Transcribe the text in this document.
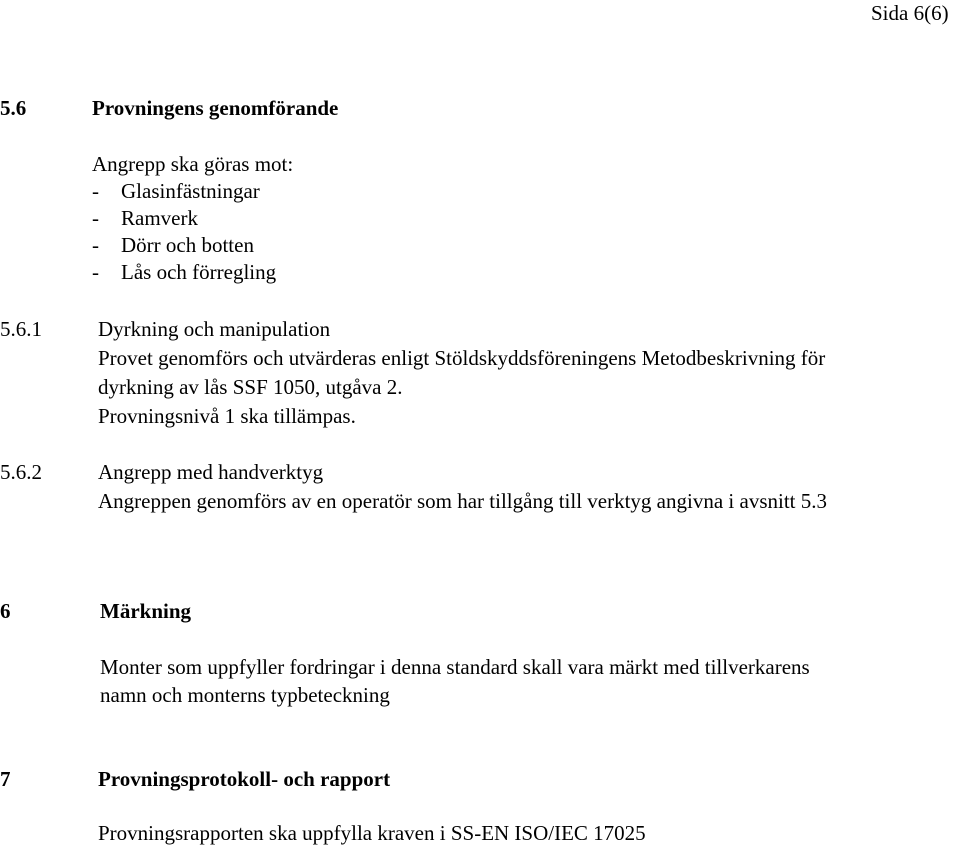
Sida 6(6)
5.6	Provningens genomförande
Angrepp ska göras mot:
- Glasinfästningar
- Ramverk
- Dörr och botten
- Lås och förregling
5.6.1	Dyrkning och manipulation
Provet genomförs och utvärderas enligt Stöldskyddsföreningens Metodbeskrivning för
dyrkning av lås SSF 1050, utgåva 2.
Provningsnivå 1 ska tillämpas.
5.6.2	Angrepp med handverktyg
Angreppen genomförs av en operatör som har tillgång till verktyg angivna i avsnitt 5.3
6	Märkning
Monter som uppfyller fordringar i denna standard skall vara märkt med tillverkarens
namn och monterns typbeteckning
7	Provningsprotokoll- och rapport
Provningsrapporten ska uppfylla kraven i SS-EN ISO/IEC 17025
